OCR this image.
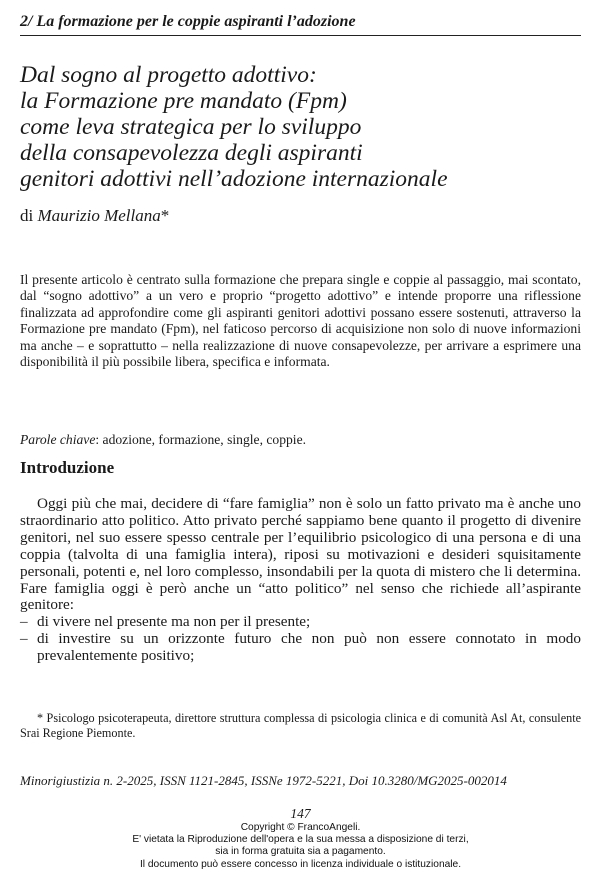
2/ La formazione per le coppie aspiranti l’adozione
Dal sogno al progetto adottivo:
la Formazione pre mandato (Fpm)
come leva strategica per lo sviluppo
della consapevolezza degli aspiranti
genitori adottivi nell’adozione internazionale
di Maurizio Mellana*

Il presente articolo è centrato sulla formazione che prepara single e coppie al passaggio, mai scontato, dal “sogno adottivo” a un vero e proprio “progetto adottivo” e intende proporre una riflessione finalizzata ad approfondire come gli aspiranti genitori adottivi possano essere sostenuti, attraverso la Formazione pre mandato (Fpm), nel faticoso percorso di acquisizione non solo di nuove informazioni ma anche – e soprattutto – nella realizzazione di nuove consapevolezze, per arrivare a esprimere una disponibilità il più possibile libera, specifica e informata.

Parole chiave: adozione, formazione, single, coppie.
Introduzione

Oggi più che mai, decidere di “fare famiglia” non è solo un fatto privato ma è anche uno straordinario atto politico. Atto privato perché sappiamo bene quanto il progetto di divenire genitori, nel suo essere spesso centrale per l’equilibrio psicologico di una persona e di una coppia (talvolta di una famiglia intera), riposi su motivazioni e desideri squisitamente personali, potenti e, nel loro complesso, insondabili per la quota di mistero che li determina. Fare famiglia oggi è però anche un “atto politico” nel senso che richiede all’aspirante genitore:

– di vivere nel presente ma non per il presente;
– di investire su un orizzonte futuro che non può non essere connotato in modo prevalentemente positivo;
* Psicologo psicoterapeuta, direttore struttura complessa di psicologia clinica e di comunità Asl At, consulente Srai Regione Piemonte.
Minorigiustizia n. 2-2025, ISSN 1121-2845, ISSNe 1972-5221, Doi 10.3280/MG2025-002014
147
Copyright © FrancoAngeli.
E' vietata la Riproduzione dell'opera e la sua messa a disposizione di terzi,
sia in forma gratuita sia a pagamento.
Il documento può essere concesso in licenza individuale o istituzionale.
